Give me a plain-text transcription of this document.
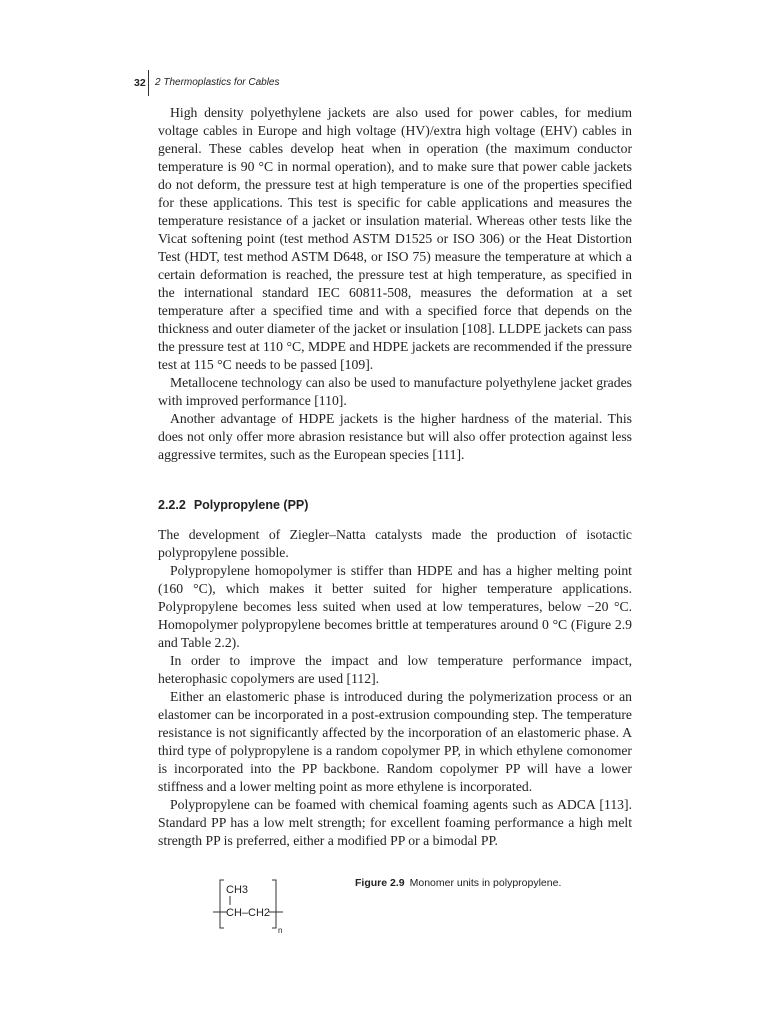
32 2 Thermoplastics for Cables

High density polyethylene jackets are also used for power cables, for medium voltage cables in Europe and high voltage (HV)/extra high voltage (EHV) cables in general. These cables develop heat when in operation (the maximum conductor temperature is 90 °C in normal operation), and to make sure that power cable jackets do not deform, the pressure test at high temperature is one of the properties specified for these applications. This test is specific for cable applications and measures the temperature resistance of a jacket or insulation material. Whereas other tests like the Vicat softening point (test method ASTM D1525 or ISO 306) or the Heat Distortion Test (HDT, test method ASTM D648, or ISO 75) measure the temperature at which a certain deformation is reached, the pressure test at high temperature, as specified in the international standard IEC 60811-508, measures the deformation at a set temperature after a specified time and with a specified force that depends on the thickness and outer diameter of the jacket or insulation [108]. LLDPE jackets can pass the pressure test at 110 °C, MDPE and HDPE jackets are recommended if the pressure test at 115 °C needs to be passed [109].

Metallocene technology can also be used to manufacture polyethylene jacket grades with improved performance [110].

Another advantage of HDPE jackets is the higher hardness of the material. This does not only offer more abrasion resistance but will also offer protection against less aggressive termites, such as the European species [111].

2.2.2 Polypropylene (PP)

The development of Ziegler–Natta catalysts made the production of isotactic polypropylene possible.

Polypropylene homopolymer is stiffer than HDPE and has a higher melting point (160 °C), which makes it better suited for higher temperature applications. Polypropylene becomes less suited when used at low temperatures, below −20 °C. Homopolymer polypropylene becomes brittle at temperatures around 0 °C (Figure 2.9 and Table 2.2).

In order to improve the impact and low temperature performance impact, heterophasic copolymers are used [112].

Either an elastomeric phase is introduced during the polymerization process or an elastomer can be incorporated in a post-extrusion compounding step. The temperature resistance is not significantly affected by the incorporation of an elastomeric phase. A third type of polypropylene is a random copolymer PP, in which ethylene comonomer is incorporated into the PP backbone. Random copolymer PP will have a lower stiffness and a lower melting point as more ethylene is incorporated.

Polypropylene can be foamed with chemical foaming agents such as ADCA [113]. Standard PP has a low melt strength; for excellent foaming performance a high melt strength PP is preferred, either a modified PP or a bimodal PP.

CH3
CH–CH2
n
Figure 2.9 Monomer units in polypropylene.
